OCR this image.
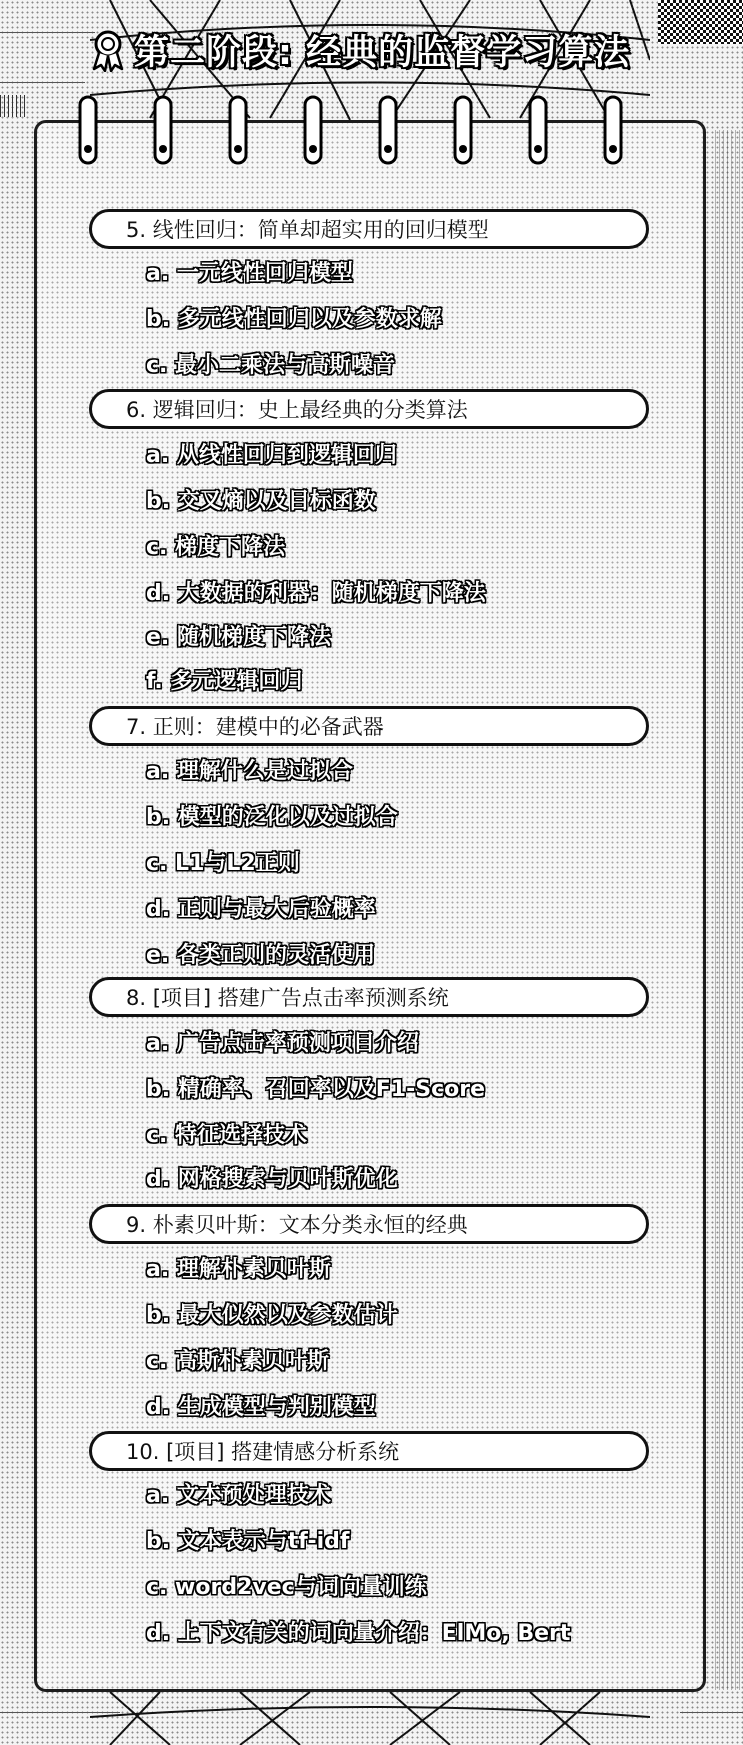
第二阶段: 经典的监督学习算法
5. 线性回归：简单却超实用的回归模型
a. 一元线性回归模型
b. 多元线性回归以及参数求解
c. 最小二乘法与高斯噪音
6. 逻辑回归：史上最经典的分类算法
a. 从线性回归到逻辑回归
b. 交叉熵以及目标函数
c. 梯度下降法
d. 大数据的利器：随机梯度下降法
e. 随机梯度下降法
f. 多元逻辑回归
7. 正则：建模中的必备武器
a. 理解什么是过拟合
b. 模型的泛化以及过拟合
c. L1与L2正则
d. 正则与最大后验概率
e. 各类正则的灵活使用
8. [项目] 搭建广告点击率预测系统
a. 广告点击率预测项目介绍
b. 精确率、召回率以及F1-Score
c. 特征选择技术
d. 网格搜索与贝叶斯优化
9. 朴素贝叶斯：文本分类永恒的经典
a. 理解朴素贝叶斯
b. 最大似然以及参数估计
c. 高斯朴素贝叶斯
d. 生成模型与判别模型
10. [项目] 搭建情感分析系统
a. 文本预处理技术
b. 文本表示与tf-idf
c. word2vec与词向量训练
d. 上下文有关的词向量介绍：ElMo, Bert
